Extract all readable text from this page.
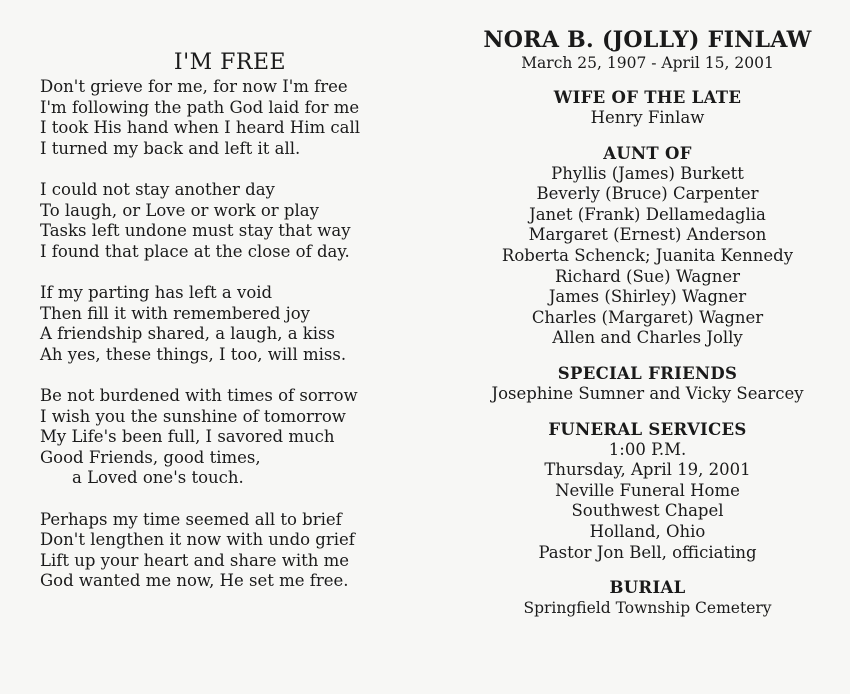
I'M FREE
Don't grieve for me, for now I'm free
I'm following the path God laid for me
I took His hand when I heard Him call
I turned my back and left it all.
I could not stay another day
To laugh, or Love or work or play
Tasks left undone must stay that way
I found that place at the close of day.
If my parting has left a void
Then fill it with remembered joy
A friendship shared, a laugh, a kiss
Ah yes, these things, I too, will miss.
Be not burdened with times of sorrow
I wish you the sunshine of tomorrow
My Life's been full, I savored much
Good Friends, good times,
a Loved one's touch.
Perhaps my time seemed all to brief
Don't lengthen it now with undo grief
Lift up your heart and share with me
God wanted me now, He set me free.
NORA B. (JOLLY) FINLAW
March 25, 1907 - April 15, 2001
WIFE OF THE LATE
Henry Finlaw
AUNT OF
Phyllis (James) Burkett
Beverly (Bruce) Carpenter
Janet (Frank) Dellamedaglia
Margaret (Ernest) Anderson
Roberta Schenck; Juanita Kennedy
Richard (Sue) Wagner
James (Shirley) Wagner
Charles (Margaret) Wagner
Allen and Charles Jolly
SPECIAL FRIENDS
Josephine Sumner and Vicky Searcey
FUNERAL SERVICES
1:00 P.M.
Thursday, April 19, 2001
Neville Funeral Home
Southwest Chapel
Holland, Ohio
Pastor Jon Bell, officiating
BURIAL
Springfield Township Cemetery
